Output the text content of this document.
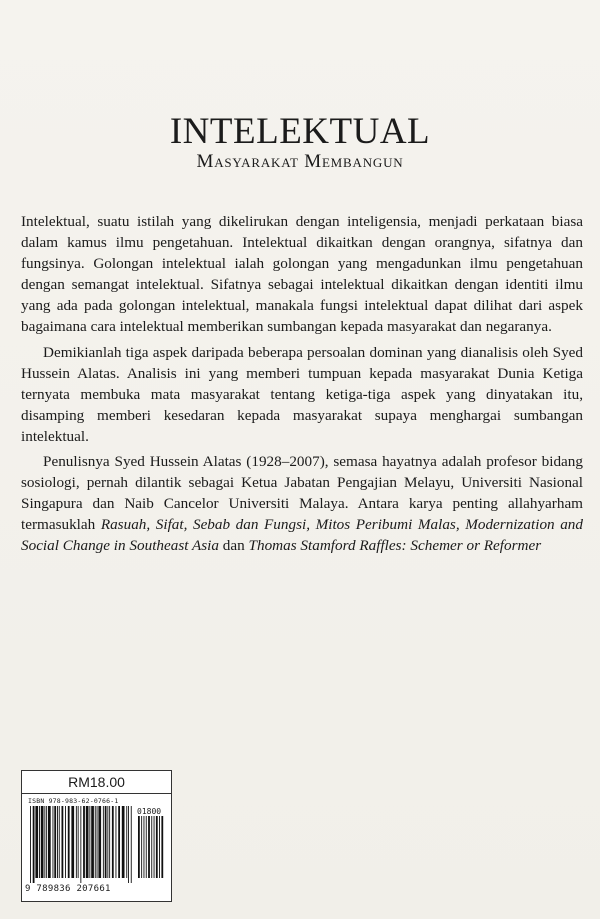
INTELEKTUAL
Masyarakat Membangun

Intelektual, suatu istilah yang dikelirukan dengan inteligensia, menjadi perkataan biasa dalam kamus ilmu pengetahuan. Intelektual dikaitkan dengan orangnya, sifatnya dan fungsinya. Golongan intelektual ialah golongan yang mengadunkan ilmu pengetahuan dengan semangat intelektual. Sifatnya sebagai intelektual dikaitkan dengan identiti ilmu yang ada pada golongan intelektual, manakala fungsi intelektual dapat dilihat dari aspek bagaimana cara intelektual memberikan sumbangan kepada masyarakat dan negaranya.

Demikianlah tiga aspek daripada beberapa persoalan dominan yang dianalisis oleh Syed Hussein Alatas. Analisis ini yang memberi tumpuan kepada masyarakat Dunia Ketiga ternyata membuka mata masyarakat tentang ketiga-tiga aspek yang dinyatakan itu, disamping memberi kesedaran kepada masyarakat supaya menghargai sumbangan intelektual.

Penulisnya Syed Hussein Alatas (1928–2007), semasa hayatnya adalah profesor bidang sosiologi, pernah dilantik sebagai Ketua Jabatan Pengajian Melayu, Universiti Nasional Singapura dan Naib Cancelor Universiti Malaya. Antara karya penting allahyarham termasuklah Rasuah, Sifat, Sebab dan Fungsi, Mitos Peribumi Malas, Modernization and Social Change in Southeast Asia dan Thomas Stamford Raffles: Schemer or Reformer

RM18.00
ISBN 978-983-62-0766-1
01800
9 789836 207661
